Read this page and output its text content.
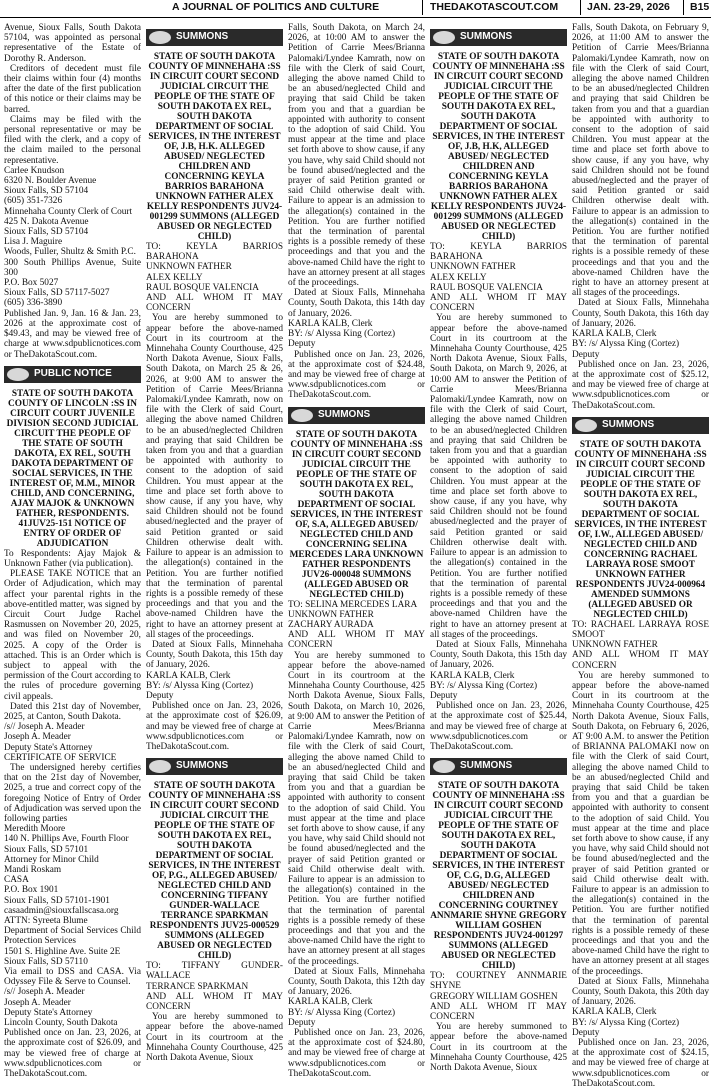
A JOURNAL OF POLITICS AND CULTURE	THEDAKOTASCOUT.COM	JAN. 23-29, 2026 B15

Avenue, Sioux Falls, South Dakota 57104, was appointed as personal representative of the Estate of Dorothy R. Anderson.

Creditors of decedent must file their claims within four (4) months after the date of the first publication of this notice or their claims may be barred.

Claims may be filed with the personal representative or may be filed with the clerk, and a copy of the claim mailed to the personal representative.

Carlee Knudson

6320 N. Boulder Avenue

Sioux Falls, SD 57104

(605) 351-7326

Minnehaha County Clerk of Court

425 N. Dakota Avenue

Sioux Falls, SD 57104

Lisa J. Maguire

Woods, Fuller, Shultz & Smith P.C.

300 South Phillips Avenue, Suite 300

P.O. Box 5027

Sioux Falls, SD 57117-5027

(605) 336-3890

Published Jan. 9, Jan. 16 & Jan. 23, 2026 at the approximate cost of $49.43, and may be viewed free of charge at www.sdpublicnotices.com or TheDakotaScout.com.

PUBLIC NOTICE

STATE OF SOUTH DAKOTA COUNTY OF LINCOLN :SS IN CIRCUIT COURT JUVENILE DIVISION SECOND JUDICIAL CIRCUIT THE PEOPLE OF THE STATE OF SOUTH DAKOTA, EX REL, SOUTH DAKOTA DEPARTMENT OF SOCIAL SERVICES, IN THE INTEREST OF, M.M., MINOR CHILD, AND CONCERNING, AJAY MAJOK & UNKNOWN FATHER, RESPONDENTS. 41JUV25-151 NOTICE OF ENTRY OF ORDER OF ADJUDICATION

To Respondents: Ajay Majok & Unknown Father (via publication).

PLEASE TAKE NOTICE that an Order of Adjudication, which may affect your parental rights in the above-entitled matter, was signed by Circuit Court Judge Rachel Rasmussen on November 20, 2025, and was filed on November 20, 2025. A copy of the Order is attached. This is an Order which is subject to appeal with the permission of the Court according to the rules of procedure governing civil appeals.

Dated this 21st day of November, 2025, at Canton, South Dakota.

/s// Joseph A. Meader

Joseph A. Meader

Deputy State's Attorney

CERTIFICATE OF SERVICE

The undersigned hereby certifies that on the 21st day of November, 2025, a true and correct copy of the foregoing Notice of Entry of Order of Adjudication was served upon the following parties

Meredith Moore

140 N. Phillips Ave, Fourth Floor

Sioux Falls, SD 57101

Attorney for Minor Child

Mandi Roskam

CASA

P.O. Box 1901

Sioux Falls, SD 57101-1901

casaadmin@siouxfallscasa.org

ATTN: Syreeta Blume

Department of Social Services Child Protection Services

1501 S. Highline Ave. Suite 2E

Sioux Falls, SD 57110

Via email to DSS and CASA. Via Odyssey File & Serve to Counsel.

/s// Joseph A. Meader

Joseph A. Meader

Deputy State's Attorney

Lincoln County, South Dakota

Published once on Jan. 23, 2026, at the approximate cost of $26.09, and may be viewed free of charge at www.sdpublicnotices.com or TheDakotaScout.com.

SUMMONS

STATE OF SOUTH DAKOTA COUNTY OF MINNEHAHA :SS IN CIRCUIT COURT SECOND JUDICIAL CIRCUIT THE PEOPLE OF THE STATE OF SOUTH DAKOTA EX REL, SOUTH DAKOTA DEPARTMENT OF SOCIAL SERVICES, IN THE INTEREST OF, J.B, H.K. ALLEGED ABUSED/ NEGLECTED CHILDREN AND CONCERNING KEYLA BARRIOS BARAHONA UNKNOWN FATHER ALEX KELLY RESPONDENTS JUV24-001299 SUMMONS (ALLEGED ABUSED OR NEGLECTED CHILD)

TO: KEYLA BARRIOS BARAHONA

UNKNOWN FATHER

ALEX KELLY

RAUL BOSQUE VALENCIA

AND ALL WHOM IT MAY CONCERN

You are hereby summoned to appear before the above-named Court in its courtroom at the Minnehaha County Courthouse, 425 North Dakota Avenue, Sioux Falls, South Dakota, on March 25 & 26, 2026, at 9:00 AM to answer the Petition of Carrie Mees/Brianna Palomaki/Lyndee Kamrath, now on file with the Clerk of said Court, alleging the above named Children to be an abused/neglected Children and praying that said Children be taken from you and that a guardian be appointed with authority to consent to the adoption of said Children. You must appear at the time and place set forth above to show cause, if any you have, why said Children should not be found abused/neglected and the prayer of said Petition granted or said Children otherwise dealt with. Failure to appear is an admission to the allegation(s) contained in the Petition. You are further notified that the termination of parental rights is a possible remedy of these proceedings and that you and the above-named Children have the right to have an attorney present at all stages of the proceedings.

Dated at Sioux Falls, Minnehaha County, South Dakota, this 15th day of January, 2026.

KARLA KALB, Clerk

BY: /s/ Alyssa King (Cortez)

Deputy

Published once on Jan. 23, 2026, at the approximate cost of $26.09, and may be viewed free of charge at www.sdpublicnotices.com or TheDakotaScout.com.

SUMMONS

STATE OF SOUTH DAKOTA COUNTY OF MINNEHAHA :SS IN CIRCUIT COURT SECOND JUDICIAL CIRCUIT THE PEOPLE OF THE STATE OF SOUTH DAKOTA EX REL, SOUTH DAKOTA DEPARTMENT OF SOCIAL SERVICES, IN THE INTEREST OF, P.G., ALLEGED ABUSED/ NEGLECTED CHILD AND CONCERNING TIFFANY GUNDER-WALLACE TERRANCE SPARKMAN RESPONDENTS JUV25-000529 SUMMONS (ALLEGED ABUSED OR NEGLECTED CHILD)

TO: TIFFANY GUNDER-WALLACE

TERRANCE SPARKMAN

AND ALL WHOM IT MAY CONCERN

You are hereby summoned to appear before the above-named Court in its courtroom at the Minnehaha County Courthouse, 425 North Dakota Avenue, Sioux

Falls, South Dakota, on March 24, 2026, at 10:00 AM to answer the Petition of Carrie Mees/Brianna Palomaki/Lyndee Kamrath, now on file with the Clerk of said Court, alleging the above named Child to be an abused/neglected Child and praying that said Child be taken from you and that a guardian be appointed with authority to consent to the adoption of said Child. You must appear at the time and place set forth above to show cause, if any you have, why said Child should not be found abused/neglected and the prayer of said Petition granted or said Child otherwise dealt with. Failure to appear is an admission to the allegation(s) contained in the Petition. You are further notified that the termination of parental rights is a possible remedy of these proceedings and that you and the above-named Child have the right to have an attorney present at all stages of the proceedings.

Dated at Sioux Falls, Minnehaha County, South Dakota, this 14th day of January, 2026.

KARLA KALB, Clerk

BY: /s/ Alyssa King (Cortez)

Deputy

Published once on Jan. 23, 2026, at the approximate cost of $24.48, and may be viewed free of charge at www.sdpublicnotices.com or TheDakotaScout.com.

SUMMONS

STATE OF SOUTH DAKOTA COUNTY OF MINNEHAHA :SS IN CIRCUIT COURT SECOND JUDICIAL CIRCUIT THE PEOPLE OF THE STATE OF SOUTH DAKOTA EX REL, SOUTH DAKOTA DEPARTMENT OF SOCIAL SERVICES, IN THE INTEREST OF, S.A, ALLEGED ABUSED/ NEGLECTED CHILD AND CONCERNING SELINA MERCEDES LARA UNKNOWN FATHER RESPONDENTS JUV26-000048 SUMMONS (ALLEGED ABUSED OR NEGLECTED CHILD)

TO: SELINA MERCEDES LARA

UNKNOWN FATHER

ZACHARY AURADA

AND ALL WHOM IT MAY CONCERN

You are hereby summoned to appear before the above-named Court in its courtroom at the Minnehaha County Courthouse, 425 North Dakota Avenue, Sioux Falls, South Dakota, on March 10, 2026, at 9:00 AM to answer the Petition of Carrie Mees/Brianna Palomaki/Lyndee Kamrath, now on file with the Clerk of said Court, alleging the above named Child to be an abused/neglected Child and praying that said Child be taken from you and that a guardian be appointed with authority to consent to the adoption of said Child. You must appear at the time and place set forth above to show cause, if any you have, why said Child should not be found abused/neglected and the prayer of said Petition granted or said Child otherwise dealt with. Failure to appear is an admission to the allegation(s) contained in the Petition. You are further notified that the termination of parental rights is a possible remedy of these proceedings and that you and the above-named Child have the right to have an attorney present at all stages of the proceedings.

Dated at Sioux Falls, Minnehaha County, South Dakota, this 12th day of January, 2026.

KARLA KALB, Clerk

BY: /s/ Alyssa King (Cortez)

Deputy

Published once on Jan. 23, 2026, at the approximate cost of $24.80, and may be viewed free of charge at www.sdpublicnotices.com or TheDakotaScout.com.

SUMMONS

STATE OF SOUTH DAKOTA COUNTY OF MINNEHAHA :SS IN CIRCUIT COURT SECOND JUDICIAL CIRCUIT THE PEOPLE OF THE STATE OF SOUTH DAKOTA EX REL, SOUTH DAKOTA DEPARTMENT OF SOCIAL SERVICES, IN THE INTEREST OF, J.B, H.K, ALLEGED ABUSED/ NEGLECTED CHILDREN AND CONCERNING KEYLA BARRIOS BARAHONA UNKNOWN FATHER ALEX KELLY RESPONDENTS JUV24-001299 SUMMONS (ALLEGED ABUSED OR NEGLECTED CHILD)

TO: KEYLA BARRIOS BARAHONA

UNKNOWN FATHER

ALEX KELLY

RAUL BOSQUE VALENCIA

AND ALL WHOM IT MAY CONCERN

You are hereby summoned to appear before the above-named Court in its courtroom at the Minnehaha County Courthouse, 425 North Dakota Avenue, Sioux Falls, South Dakota, on March 9, 2026, at 10:00 AM to answer the Petition of Carrie Mees/Brianna Palomaki/Lyndee Kamrath, now on file with the Clerk of said Court, alleging the above named Children to be an abused/neglected Children and praying that said Children be taken from you and that a guardian be appointed with authority to consent to the adoption of said Children. You must appear at the time and place set forth above to show cause, if any you have, why said Children should not be found abused/neglected and the prayer of said Petition granted or said Children otherwise dealt with. Failure to appear is an admission to the allegation(s) contained in the Petition. You are further notified that the termination of parental rights is a possible remedy of these proceedings and that you and the above-named Children have the right to have an attorney present at all stages of the proceedings.

Dated at Sioux Falls, Minnehaha County, South Dakota, this 15th day of January, 2026.

KARLA KALB, Clerk

BY: /s/ Alyssa King (Cortez)

Deputy

Published once on Jan. 23, 2026, at the approximate cost of $25.44, and may be viewed free of charge at www.sdpublicnotices.com or TheDakotaScout.com.

SUMMONS

STATE OF SOUTH DAKOTA COUNTY OF MINNEHAHA :SS IN CIRCUIT COURT SECOND JUDICIAL CIRCUIT THE PEOPLE OF THE STATE OF SOUTH DAKOTA EX REL, SOUTH DAKOTA DEPARTMENT OF SOCIAL SERVICES, IN THE INTEREST OF, C.G, D.G, ALLEGED ABUSED/ NEGLECTED CHILDREN AND CONCERNING COURTNEY ANNMARIE SHYNE GREGORY WILLIAM GOSHEN RESPONDENTS JUV24-001297 SUMMONS (ALLEGED ABUSED OR NEGLECTED CHILD)

TO: COURTNEY ANNMARIE SHYNE

GREGORY WILLIAM GOSHEN

AND ALL WHOM IT MAY CONCERN

You are hereby summoned to appear before the above-named Court in its courtroom at the Minnehaha County Courthouse, 425 North Dakota Avenue, Sioux

Falls, South Dakota, on February 9, 2026, at 11:00 AM to answer the Petition of Carrie Mees/Brianna Palomaki/Lyndee Kamrath, now on file with the Clerk of said Court, alleging the above named Children to be an abused/neglected Children and praying that said Children be taken from you and that a guardian be appointed with authority to consent to the adoption of said Children. You must appear at the time and place set forth above to show cause, if any you have, why said Children should not be found abused/neglected and the prayer of said Petition granted or said Children otherwise dealt with. Failure to appear is an admission to the allegation(s) contained in the Petition. You are further notified that the termination of parental rights is a possible remedy of these proceedings and that you and the above-named Children have the right to have an attorney present at all stages of the proceedings.

Dated at Sioux Falls, Minnehaha County, South Dakota, this 16th day of January, 2026.

KARLA KALB, Clerk

BY: /s/ Alyssa King (Cortez)

Deputy

Published once on Jan. 23, 2026, at the approximate cost of $25.12, and may be viewed free of charge at www.sdpublicnotices.com or TheDakotaScout.com.

SUMMONS

STATE OF SOUTH DAKOTA COUNTY OF MINNEHAHA :SS IN CIRCUIT COURT SECOND JUDICIAL CIRCUIT THE PEOPLE OF THE STATE OF SOUTH DAKOTA EX REL, SOUTH DAKOTA DEPARTMENT OF SOCIAL SERVICES, IN THE INTEREST OF, I.W., ALLEGED ABUSED/ NEGLECTED CHILD AND CONCERNING RACHAEL LARRAYA ROSE SMOOT UNKNOWN FATHER RESPONDENTS JUV24-000964 AMENDED SUMMONS (ALLEGED ABUSED OR NEGLECTED CHILD)

TO: RACHAEL LARRAYA ROSE SMOOT

UNKNOWN FATHER

AND ALL WHOM IT MAY CONCERN

You are hereby summoned to appear before the above-named Court in its courtroom at the Minnehaha County Courthouse, 425 North Dakota Avenue, Sioux Falls, South Dakota, on February 6, 2026, AT 9:00 A.M. to answer the Petition of BRIANNA PALOMAKI now on file with the Clerk of said Court, alleging the above named Child to be an abused/neglected Child and praying that said Child be taken from you and that a guardian be appointed with authority to consent to the adoption of said Child. You must appear at the time and place set forth above to show cause, if any you have, why said Child should not be found abused/neglected and the prayer of said Petition granted or said Child otherwise dealt with. Failure to appear is an admission to the allegation(s) contained in the Petition. You are further notified that the termination of parental rights is a possible remedy of these proceedings and that you and the above-named Child have the right to have an attorney present at all stages of the proceedings.

Dated at Sioux Falls, Minnehaha County, South Dakota, this 20th day of January, 2026.

KARLA KALB, Clerk

BY: /s/ Alyssa King (Cortez)

Deputy

Published once on Jan. 23, 2026, at the approximate cost of $24.15, and may be viewed free of charge at www.sdpublicnotices.com or TheDakotaScout.com.
